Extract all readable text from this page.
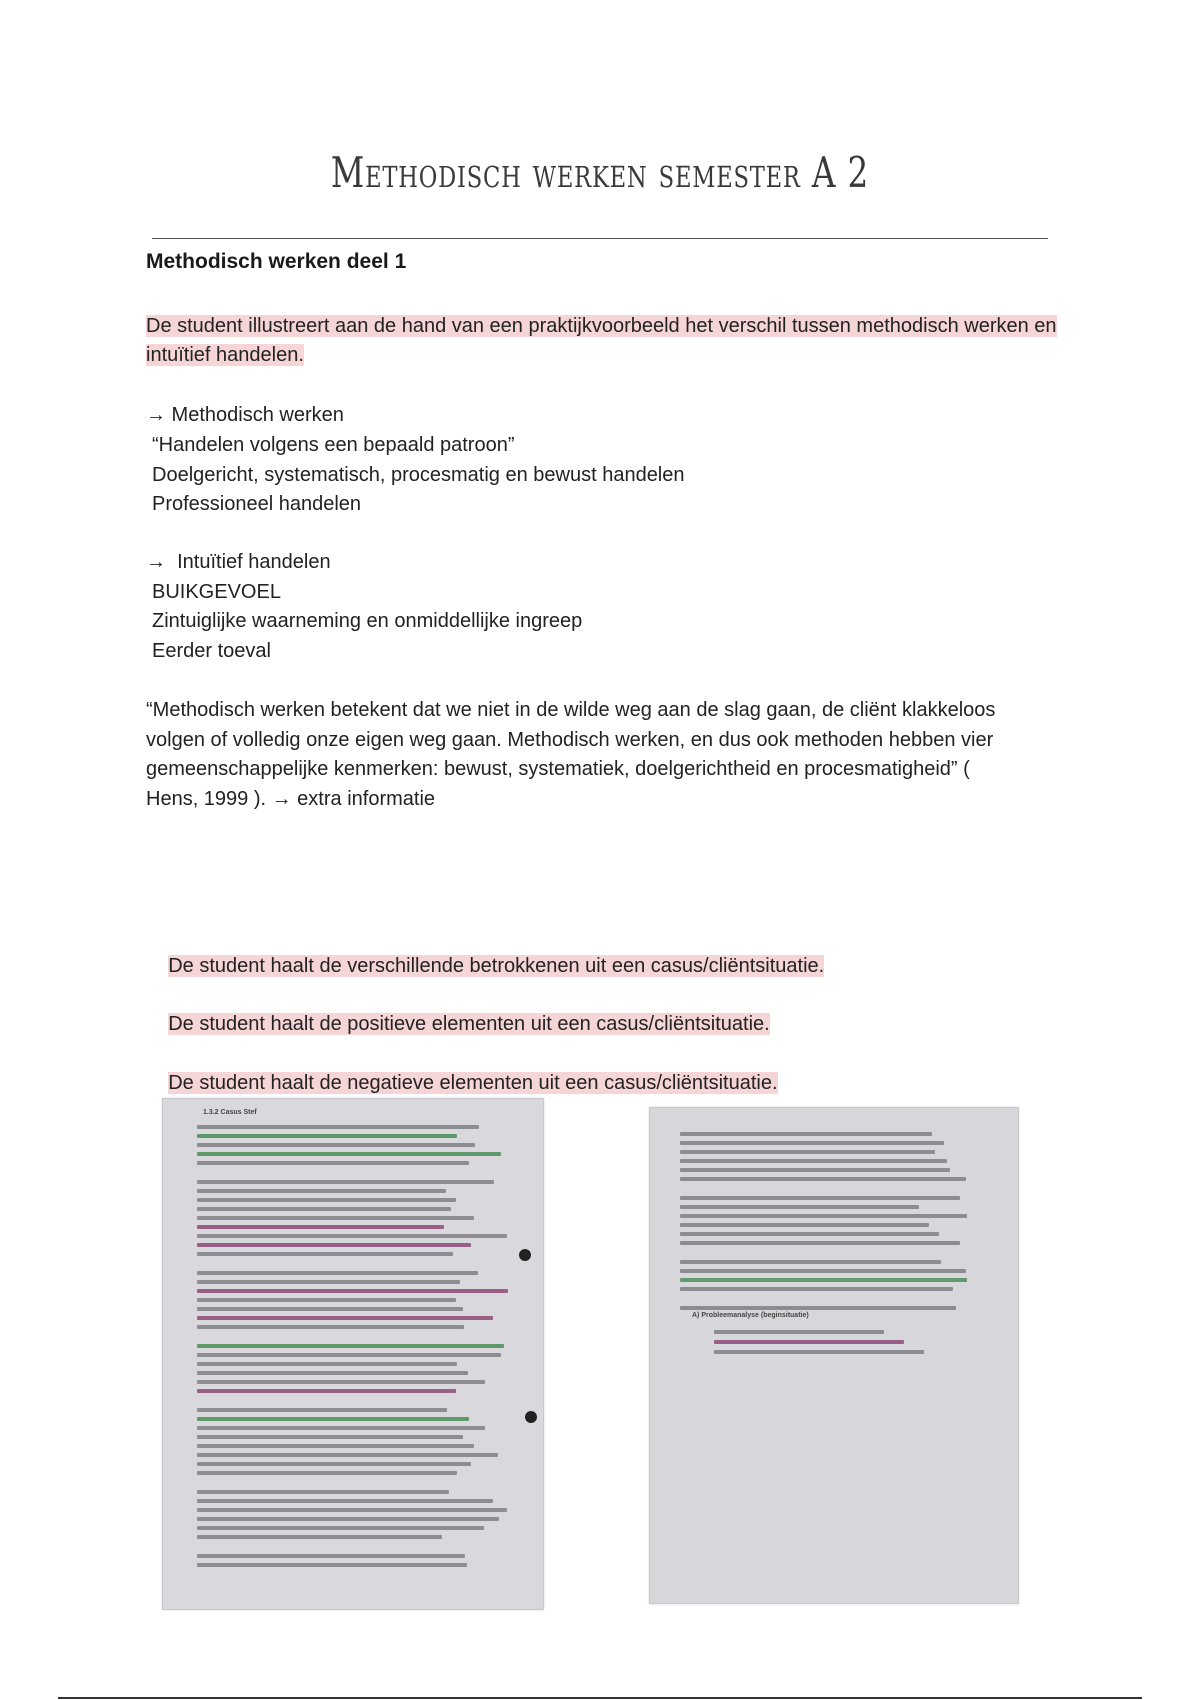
Methodisch werken semester A 2
Methodisch werken deel 1

De student illustreert aan de hand van een praktijkvoorbeeld het verschil tussen methodisch werken en intuïtief handelen.

→ Methodisch werken

“Handelen volgens een bepaald patroon”

Doelgericht, systematisch, procesmatig en bewust handelen

Professioneel handelen

→  Intuïtief handelen

BUIKGEVOEL

Zintuiglijke waarneming en onmiddellijke ingreep

Eerder toeval

“Methodisch werken betekent dat we niet in de wilde weg aan de slag gaan, de cliënt klakkeloos volgen of volledig onze eigen weg gaan. Methodisch werken, en dus ook methoden hebben vier gemeenschappelijke kenmerken: bewust, systematiek, doelgerichtheid en procesmatigheid” ( Hens, 1999 ). → extra informatie

De student haalt de verschillende betrokkenen uit een casus/cliëntsituatie.

De student haalt de positieve elementen uit een casus/cliëntsituatie.

De student haalt de negatieve elementen uit een casus/cliëntsituatie.

1.3.2 Casus Stef
A) Probleemanalyse (beginsituatie)
